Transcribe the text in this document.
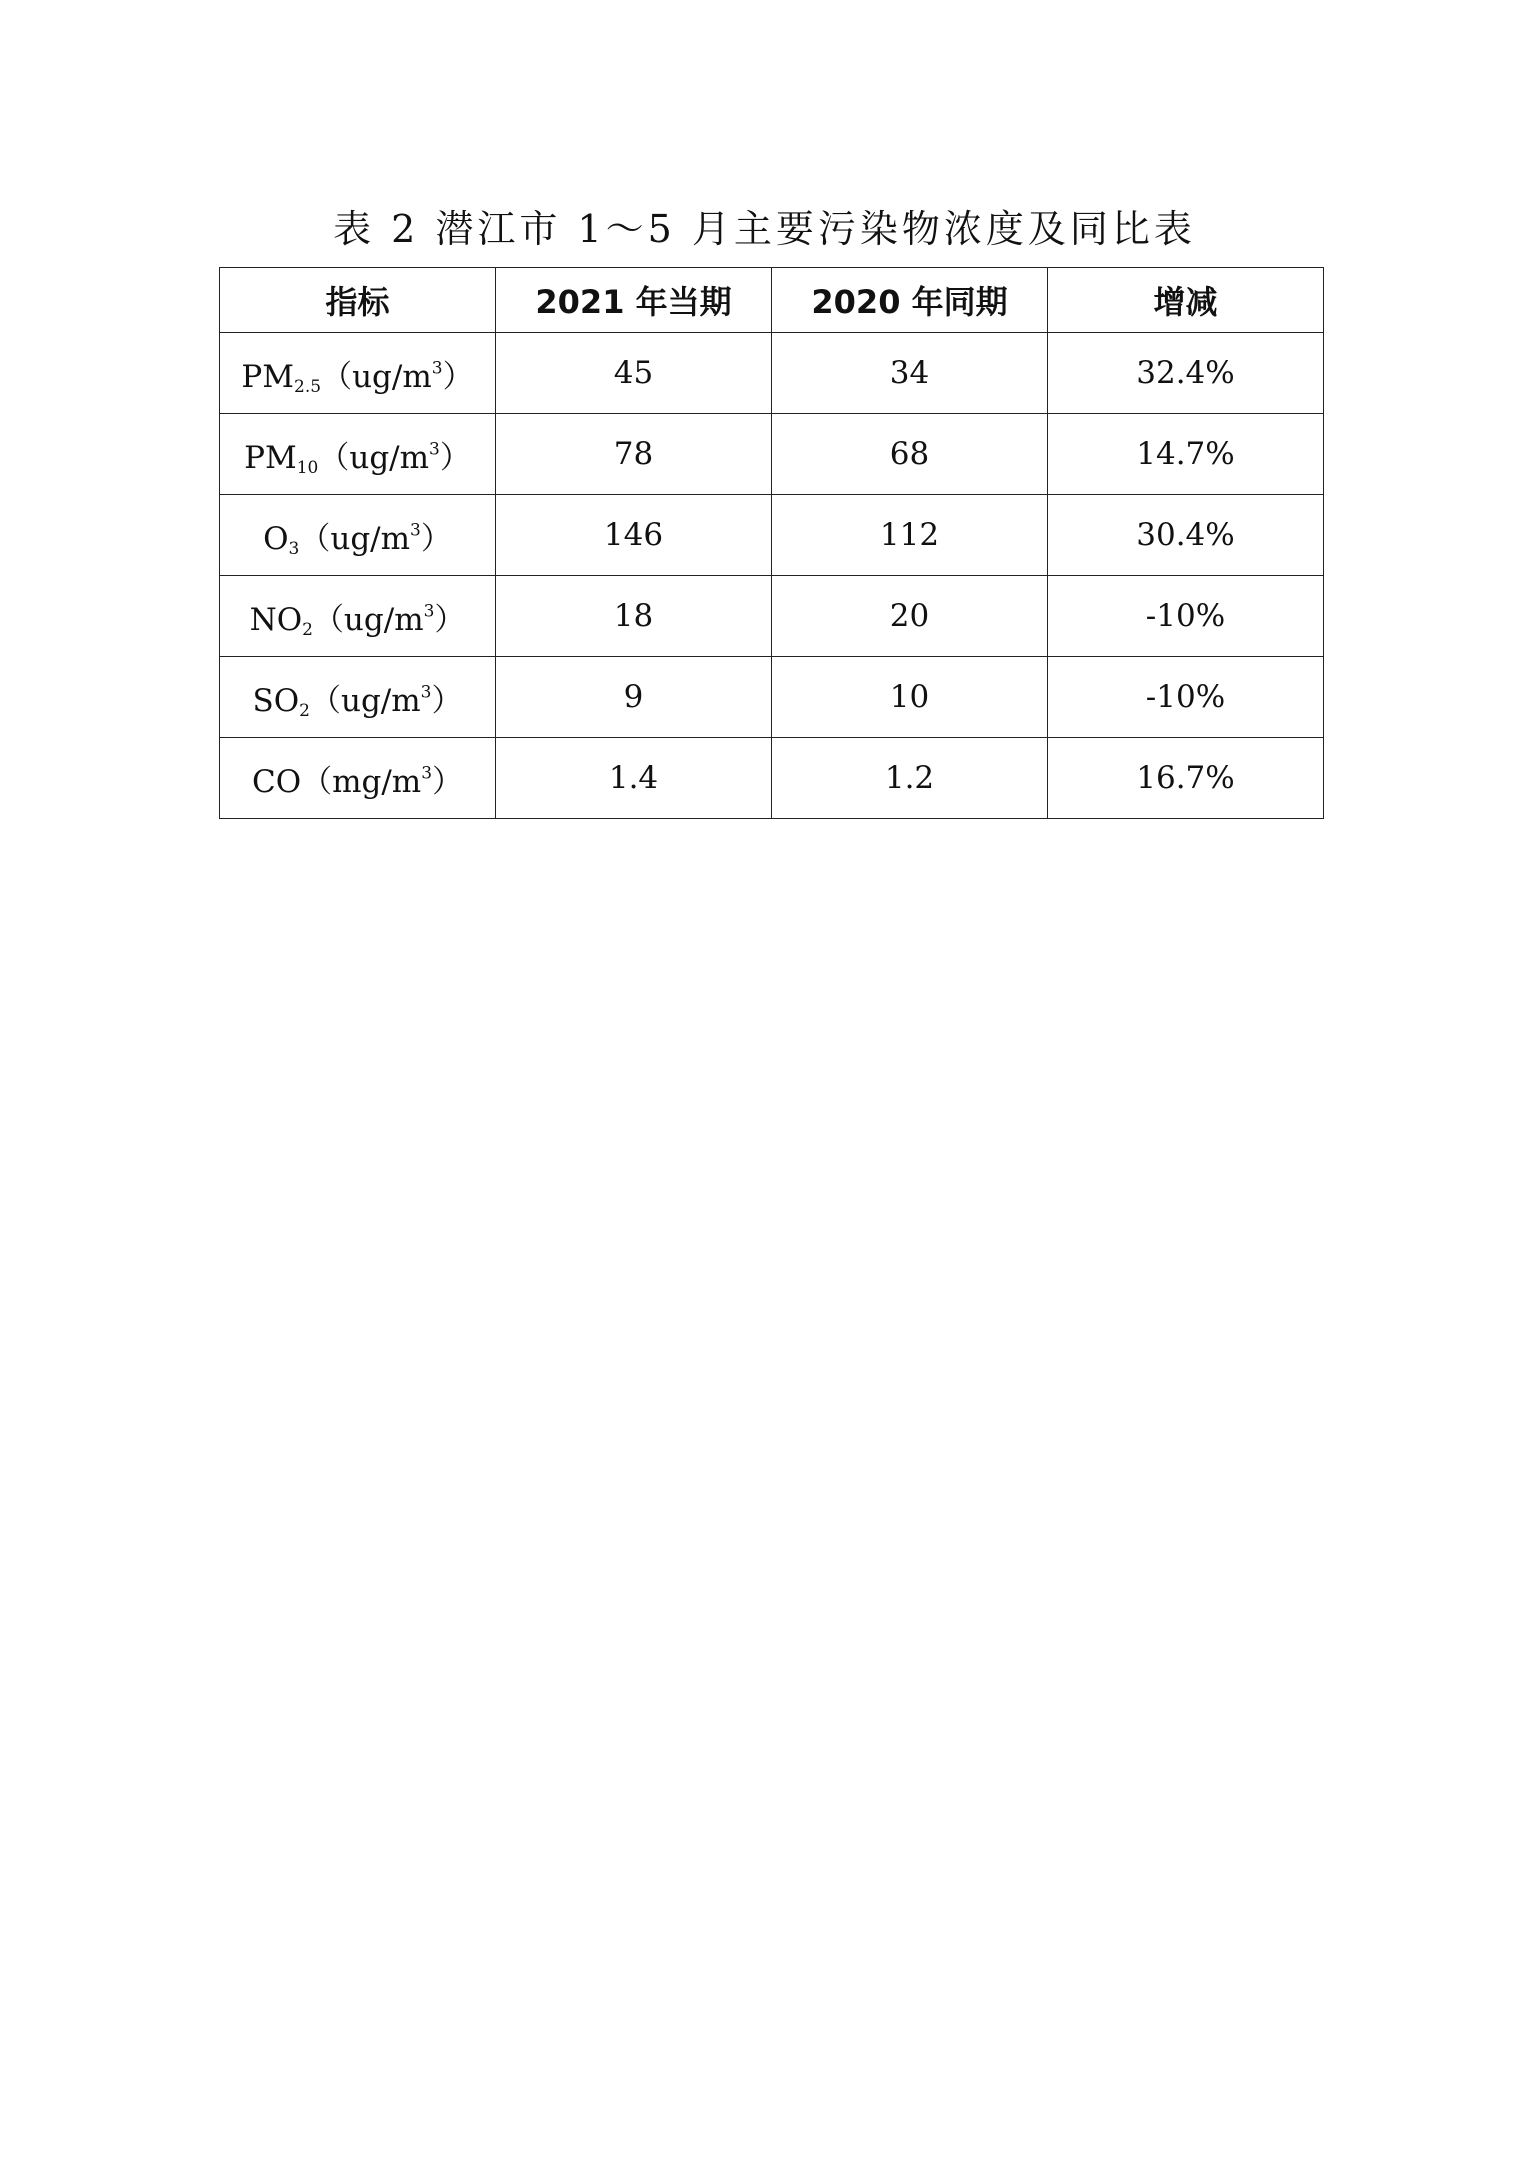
表 2 潜江市 1～5 月主要污染物浓度及同比表
指标	2021 年当期	2020 年同期	增减
$PM_{2.5}(ug/m^3)$	45	34	32.4%
$PM_{10}(ug/m^3)$	78	68	14.7%
$O_3(ug/m^3)$	146	112	30.4%
$NO_2(ug/m^3)$	18	20	-10%
$SO_2(ug/m^3)$	9	10	-10%
$CO(mg/m^3)$	1.4	1.2	16.7%
